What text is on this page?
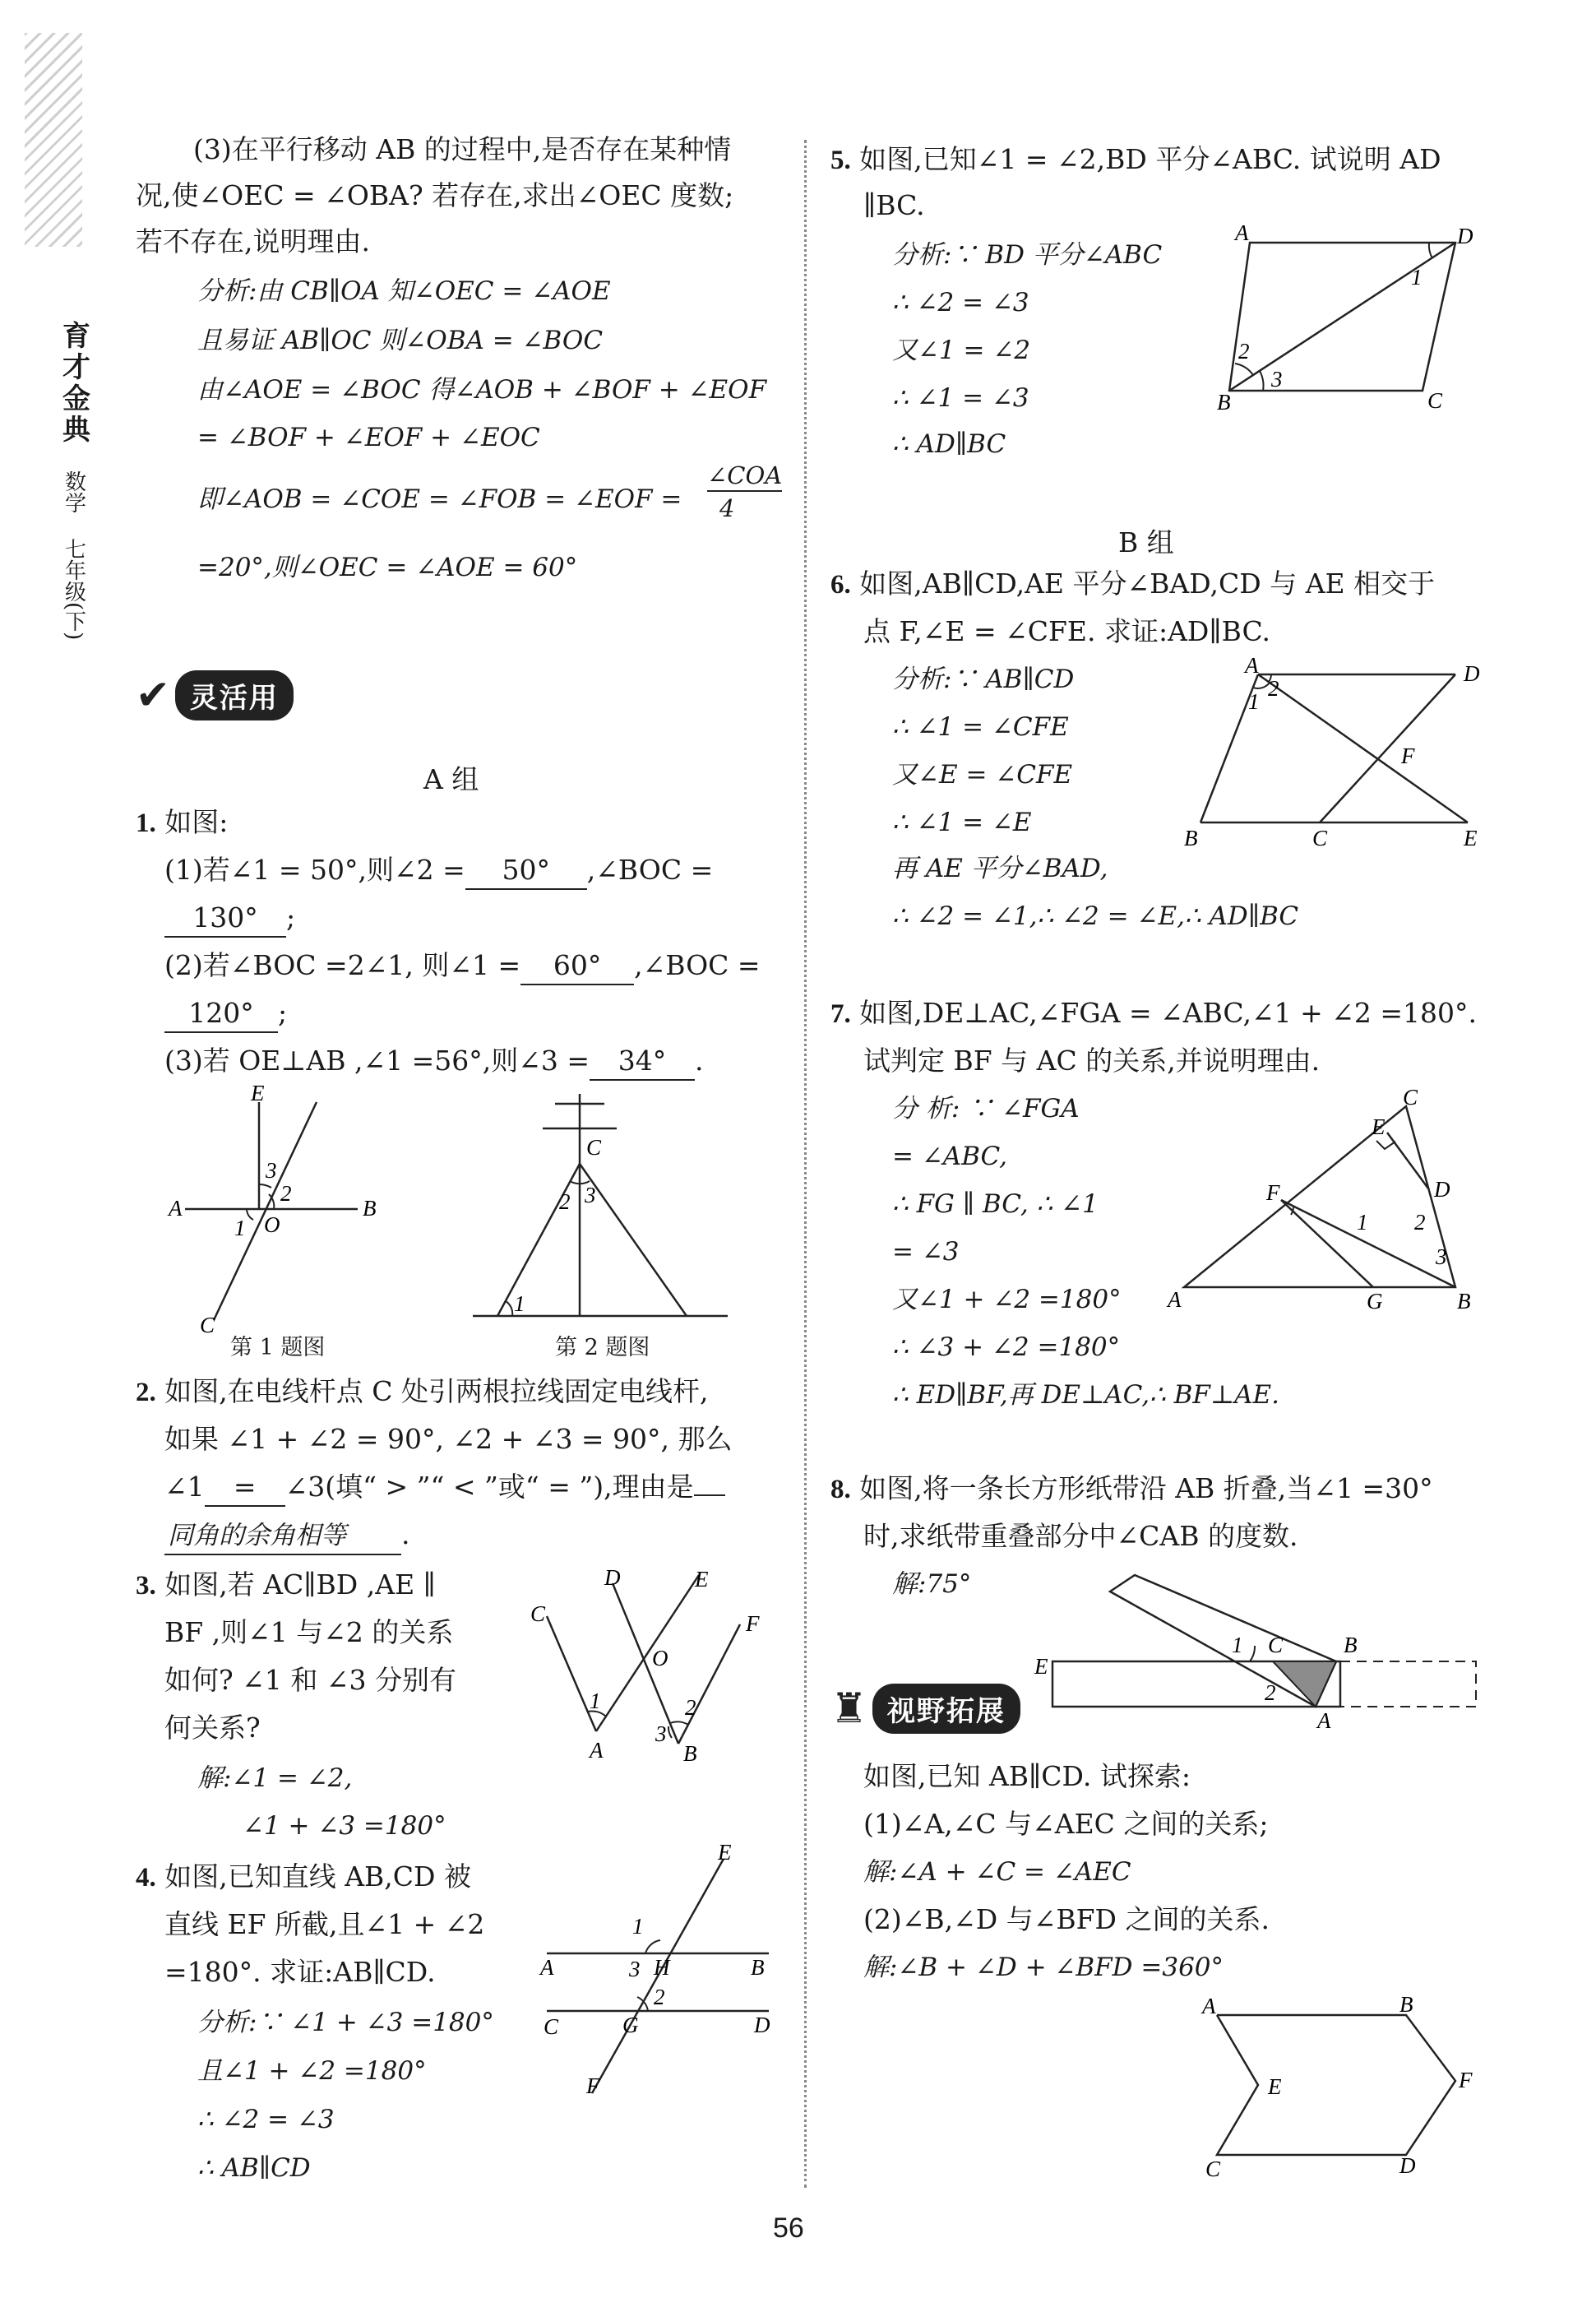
育才金典
数学
七年级(下)
(3)在平行移动 AB 的过程中,是否存在某种情
况,使∠OEC = ∠OBA? 若存在,求出∠OEC 度数;
若不存在,说明理由.
分析:由 CB∥OA 知∠OEC = ∠AOE
且易证 AB∥OC 则∠OBA = ∠BOC
由∠AOE = ∠BOC 得∠AOB + ∠BOF + ∠EOF
= ∠BOF + ∠EOF + ∠EOC
即∠AOB = ∠COE = ∠FOB = ∠EOF =
∠COA
4
=20°,则∠OEC = ∠AOE = 60°
✔ 灵活用
A 组
1. 如图:
(1)若∠1 = 50°,则∠2 = 50° ,∠BOC =
130° ;
(2)若∠BOC =2∠1, 则∠1 = 60° ,∠BOC =
120° ;
(3)若 OE⊥AB ,∠1 =56°,则∠3 = 34° .
E
A	B
O
C
3
2
1
第 1 题图
C
2 3
1
第 2 题图
2. 如图,在电线杆点 C 处引两根拉线固定电线杆,
如果 ∠1 + ∠2 = 90°, ∠2 + ∠3 = 90°, 那么
∠1 = ∠3(填“ > ”“ < ”或“ = ”),理由是
同角的余角相等 .
3. 如图,若 AC∥BD ,AE ∥
BF ,则∠1 与∠2 的关系
如何? ∠1 和 ∠3 分别有
何关系?
解:∠1 = ∠2,
∠1 + ∠3 =180°
D	E
C
O
F
A	B
1	2
3
4. 如图,已知直线 AB,CD 被
直线 EF 所截,且∠1 + ∠2
=180°. 求证:AB∥CD.
分析:∵ ∠1 + ∠3 =180°
且∠1 + ∠2 =180°
∴ ∠2 = ∠3
∴ AB∥CD
E
A	H	B
C	G	D
F
1
3
2
5. 如图,已知∠1 = ∠2,BD 平分∠ABC. 试说明 AD
∥BC.
分析:∵ BD 平分∠ABC
∴ ∠2 = ∠3
又∠1 = ∠2
∴ ∠1 = ∠3
∴ AD∥BC
A	D
B	C
1
2
3
B 组
6. 如图,AB∥CD,AE 平分∠BAD,CD 与 AE 相交于
点 F,∠E = ∠CFE. 求证:AD∥BC.
分析:∵ AB∥CD
∴ ∠1 = ∠CFE
又∠E = ∠CFE
∴ ∠1 = ∠E
再 AE 平分∠BAD,
∴ ∠2 = ∠1,∴ ∠2 = ∠E,∴ AD∥BC
A	D
F
B	C	E
1
2
7. 如图,DE⊥AC,∠FGA = ∠ABC,∠1 + ∠2 =180°.
试判定 BF 与 AC 的关系,并说明理由.
分 析: ∵ ∠FGA
= ∠ABC,
∴ FG ∥ BC, ∴ ∠1
= ∠3
又∠1 + ∠2 =180°
∴ ∠3 + ∠2 =180°
∴ ED∥BF,再 DE⊥AC,∴ BF⊥AE.
C
E
F	D
A	G	B
1 2
3
8. 如图,将一条长方形纸带沿 AB 折叠,当∠1 =30°
时,求纸带重叠部分中∠CAB 的度数.
解:75°
E
C	B
A
1
2
♜ 视野拓展
如图,已知 AB∥CD. 试探索:
(1)∠A,∠C 与∠AEC 之间的关系;
解:∠A + ∠C = ∠AEC
(2)∠B,∠D 与∠BFD 之间的关系.
解:∠B + ∠D + ∠BFD =360°
A	B
E	F
C	D
56
